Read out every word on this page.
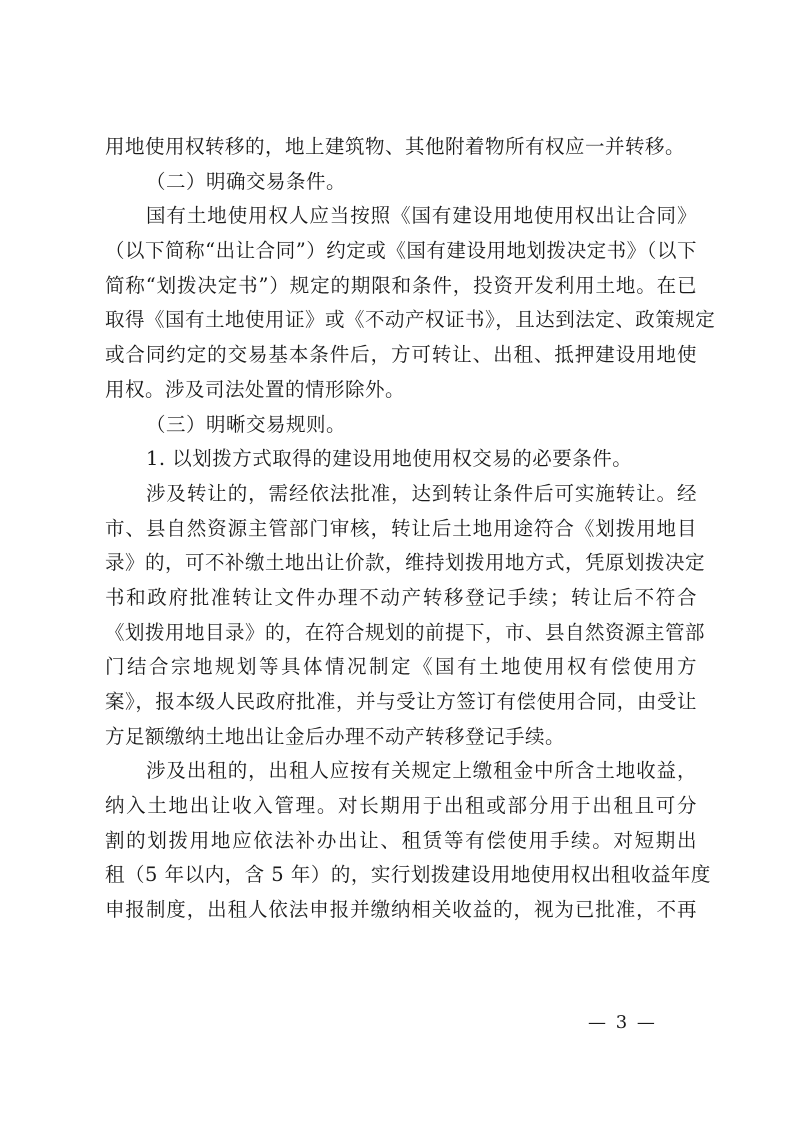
用地使用权转移的，地上建筑物、其他附着物所有权应一并转移。
（二）明确交易条件。
国有土地使用权人应当按照《国有建设用地使用权出让合同》
（以下简称“出让合同”）约定或《国有建设用地划拨决定书》（以下
简称“划拨决定书”）规定的期限和条件，投资开发利用土地。在已
取得《国有土地使用证》或《不动产权证书》，且达到法定、政策规定
或合同约定的交易基本条件后，方可转让、出租、抵押建设用地使
用权。涉及司法处置的情形除外。
（三）明晰交易规则。
1. 以划拨方式取得的建设用地使用权交易的必要条件。
涉及转让的，需经依法批准，达到转让条件后可实施转让。经
市、县自然资源主管部门审核，转让后土地用途符合《划拨用地目
录》的，可不补缴土地出让价款，维持划拨用地方式，凭原划拨决定
书和政府批准转让文件办理不动产转移登记手续；转让后不符合
《划拨用地目录》的，在符合规划的前提下，市、县自然资源主管部
门结合宗地规划等具体情况制定《国有土地使用权有偿使用方
案》，报本级人民政府批准，并与受让方签订有偿使用合同，由受让
方足额缴纳土地出让金后办理不动产转移登记手续。
涉及出租的，出租人应按有关规定上缴租金中所含土地收益，
纳入土地出让收入管理。对长期用于出租或部分用于出租且可分
割的划拨用地应依法补办出让、租赁等有偿使用手续。对短期出
租（5 年以内，含 5 年）的，实行划拨建设用地使用权出租收益年度
申报制度，出租人依法申报并缴纳相关收益的，视为已批准，不再
— 3 —
